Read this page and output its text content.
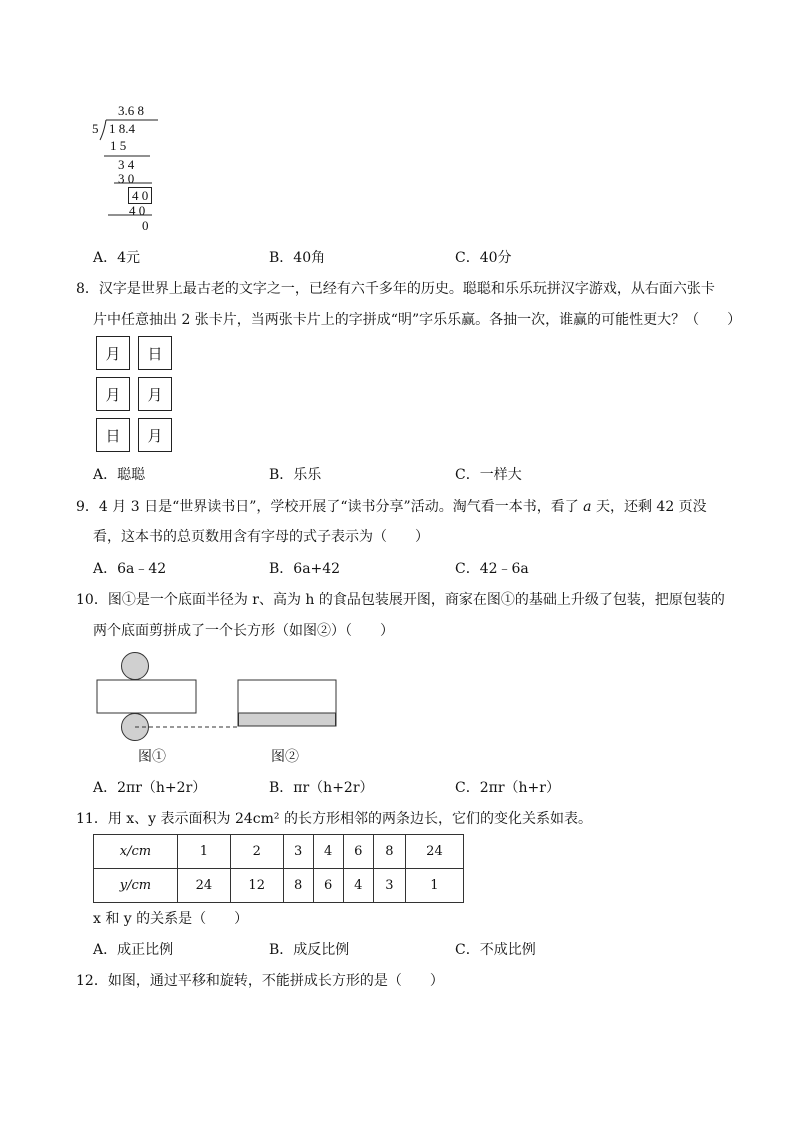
3.6 8
5 1 8.4
1 5
3 4
3 0
4 0
4 0
0
A．4元	B．40角	C．40分
8．汉字是世界上最古老的文字之一，已经有六千多年的历史。聪聪和乐乐玩拼汉字游戏，从右面六张卡
片中任意抽出 2 张卡片，当两张卡片上的字拼成“明”字乐乐赢。各抽一次，谁赢的可能性更大？（　　）
月	日
月	月
日	月
A．聪聪	B．乐乐	C．一样大
9．4 月 3 日是“世界读书日”，学校开展了“读书分享”活动。淘气看一本书，看了 a 天，还剩 42 页没
看，这本书的总页数用含有字母的式子表示为（　　）
A．6a﹣42	B．6a+42	C．42﹣6a
10．图①是一个底面半径为 r、高为 h 的食品包装展开图，商家在图①的基础上升级了包装，把原包装的
两个底面剪拼成了一个长方形（如图②）（　　）
图①	图②
A．2πr（h+2r）	B．πr（h+2r）	C．2πr（h+r）
11．用 x、y 表示面积为 24cm² 的长方形相邻的两条边长，它们的变化关系如表。
x/cm	1	2	3	4	6	8	24
y/cm	24	12	8	6	4	3	1
x 和 y 的关系是（　　）
A．成正比例	B．成反比例	C．不成比例
12．如图，通过平移和旋转，不能拼成长方形的是（　　）
